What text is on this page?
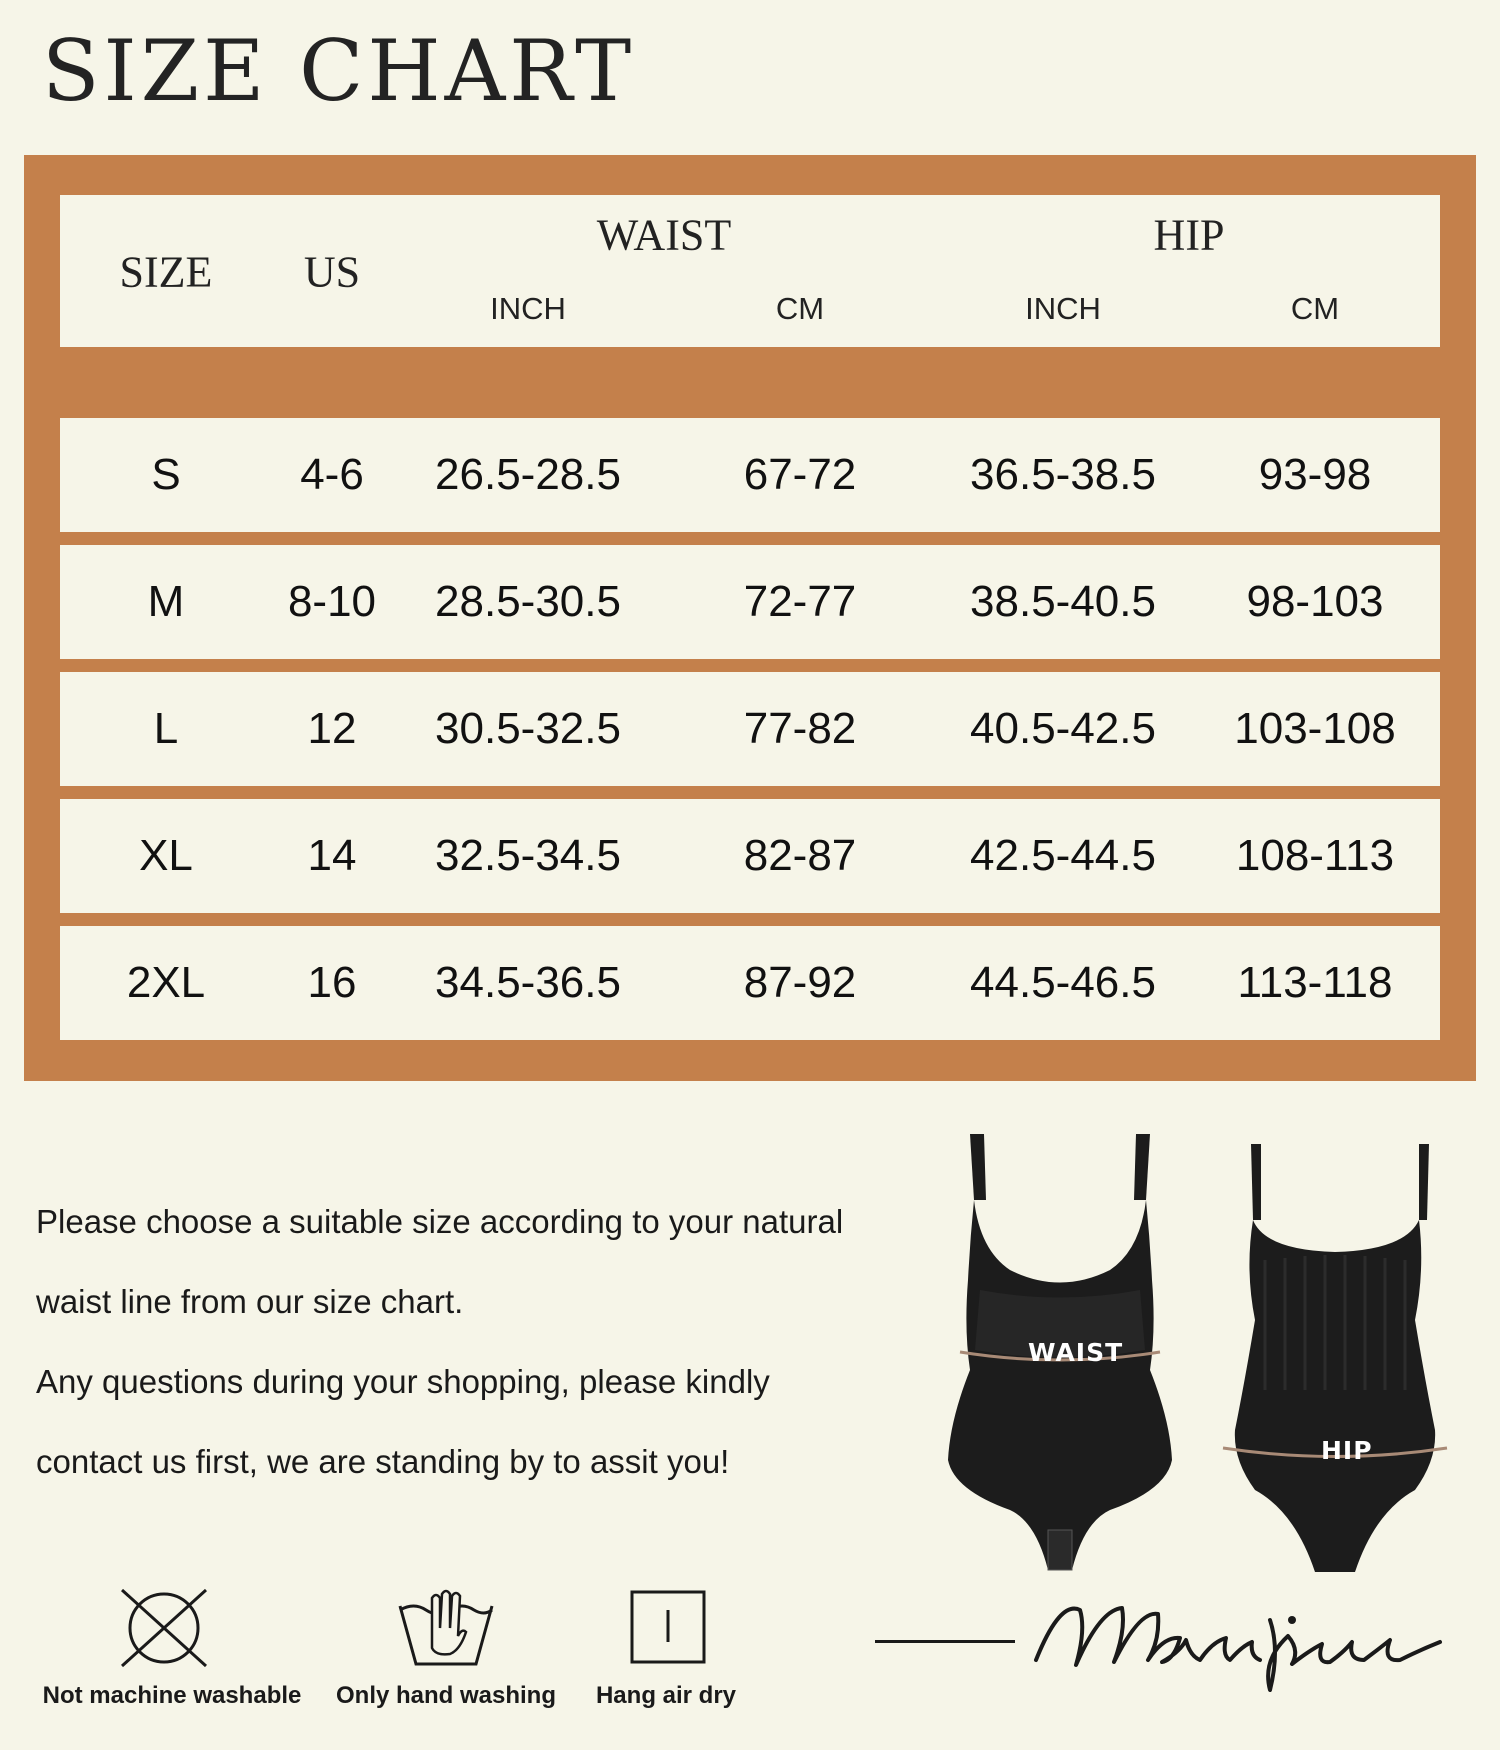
SIZE CHART
SIZE US
WAIST	HIP
INCH	CM	INCH	CM
S	4-6 26.5-28.5	67-72	36.5-38.5 93-98
M 8-10 28.5-30.5	72-77	38.5-40.5 98-103
L	12 30.5-32.5	77-82	40.5-42.5 103-108
XL	14 32.5-34.5	82-87	42.5-44.5 108-113
2XL 16 34.5-36.5	87-92	44.5-46.5 113-118

Please choose a suitable size according to your natural

waist line from our size chart.

Any questions during your shopping, please kindly

contact us first, we are standing by to assit you!

WAIST
HIP
Not machine washable Only hand washing Hang air dry
